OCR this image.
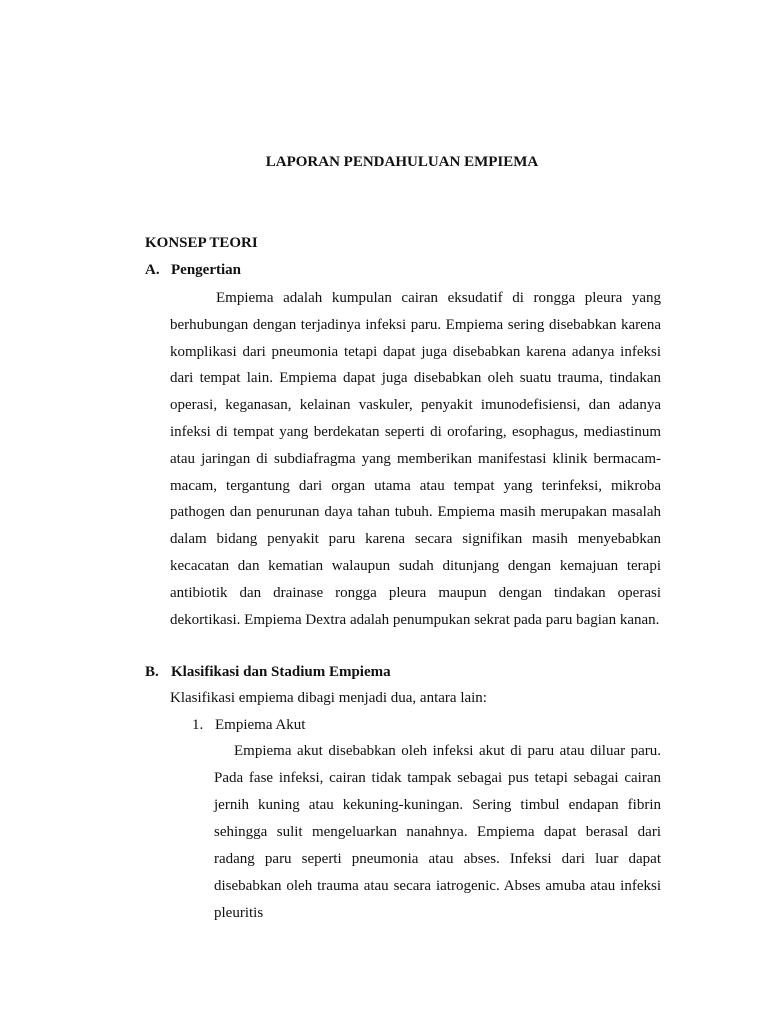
LAPORAN PENDAHULUAN EMPIEMA
KONSEP TEORI
A. Pengertian

Empiema adalah kumpulan cairan eksudatif di rongga pleura yang berhubungan dengan terjadinya infeksi paru. Empiema sering disebabkan karena komplikasi dari pneumonia tetapi dapat juga disebabkan karena adanya infeksi dari tempat lain. Empiema dapat juga disebabkan oleh suatu trauma, tindakan operasi, keganasan, kelainan vaskuler, penyakit imunodefisiensi, dan adanya infeksi di tempat yang berdekatan seperti di orofaring, esophagus, mediastinum atau jaringan di subdiafragma yang memberikan manifestasi klinik bermacam-macam, tergantung dari organ utama atau tempat yang terinfeksi, mikroba pathogen dan penurunan daya tahan tubuh. Empiema masih merupakan masalah dalam bidang penyakit paru karena secara signifikan masih menyebabkan kecacatan dan kematian walaupun sudah ditunjang dengan kemajuan terapi antibiotik dan drainase rongga pleura maupun dengan tindakan operasi dekortikasi. Empiema Dextra adalah penumpukan sekrat pada paru bagian kanan.

B. Klasifikasi dan Stadium Empiema
Klasifikasi empiema dibagi menjadi dua, antara lain:
1. Empiema Akut

Empiema akut disebabkan oleh infeksi akut di paru atau diluar paru. Pada fase infeksi, cairan tidak tampak sebagai pus tetapi sebagai cairan jernih kuning atau kekuning-kuningan. Sering timbul endapan fibrin sehingga sulit mengeluarkan nanahnya. Empiema dapat berasal dari radang paru seperti pneumonia atau abses. Infeksi dari luar dapat disebabkan oleh trauma atau secara iatrogenic. Abses amuba atau infeksi pleuritis
